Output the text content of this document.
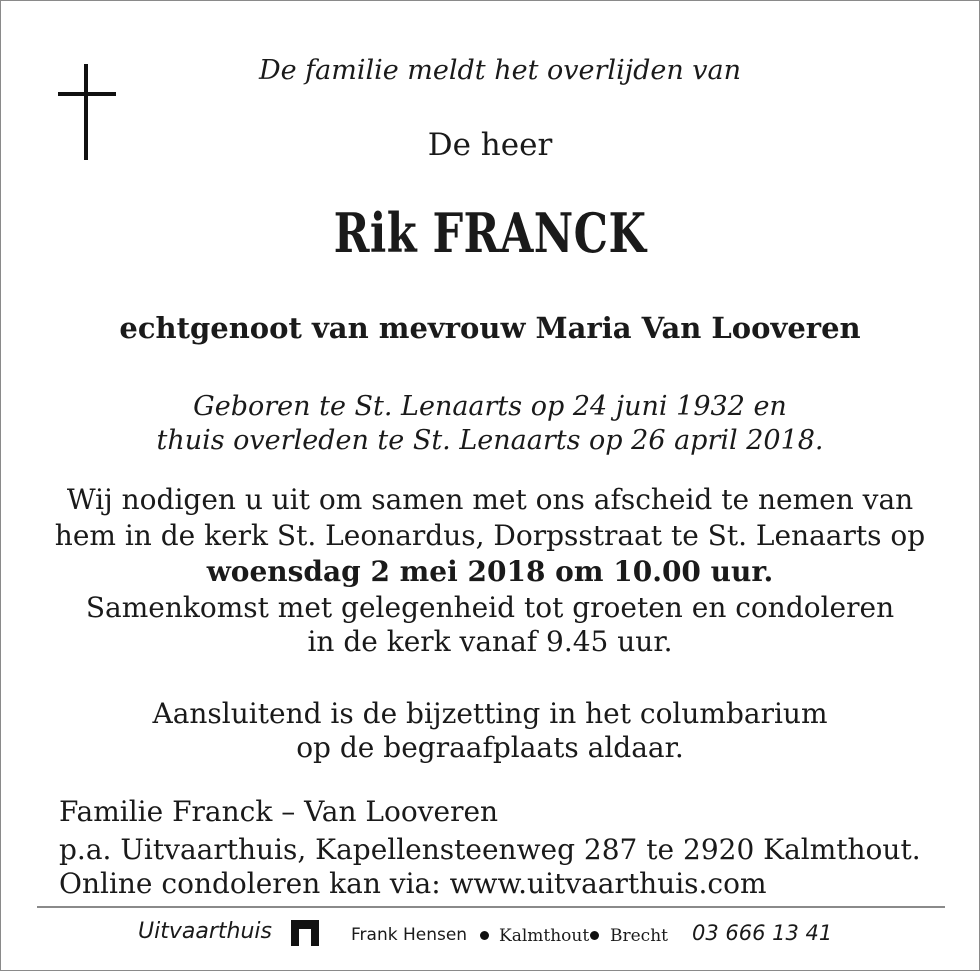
De familie meldt het overlijden van
De heer
Rik FRANCK
echtgenoot van mevrouw Maria Van Looveren
Geboren te St. Lenaarts op 24 juni 1932 en
thuis overleden te St. Lenaarts op 26 april 2018.
Wij nodigen u uit om samen met ons afscheid te nemen van
hem in de kerk St. Leonardus, Dorpsstraat te St. Lenaarts op
woensdag 2 mei 2018 om 10.00 uur.
Samenkomst met gelegenheid tot groeten en condoleren
in de kerk vanaf 9.45 uur.
Aansluitend is de bijzetting in het columbarium
op de begraafplaats aldaar.
Familie Franck – Van Looveren
p.a. Uitvaarthuis, Kapellensteenweg 287 te 2920 Kalmthout.
Online condoleren kan via: www.uitvaarthuis.com
Uitvaarthuis	Frank Hensen Kalmthout Brecht 03 666 13 41
